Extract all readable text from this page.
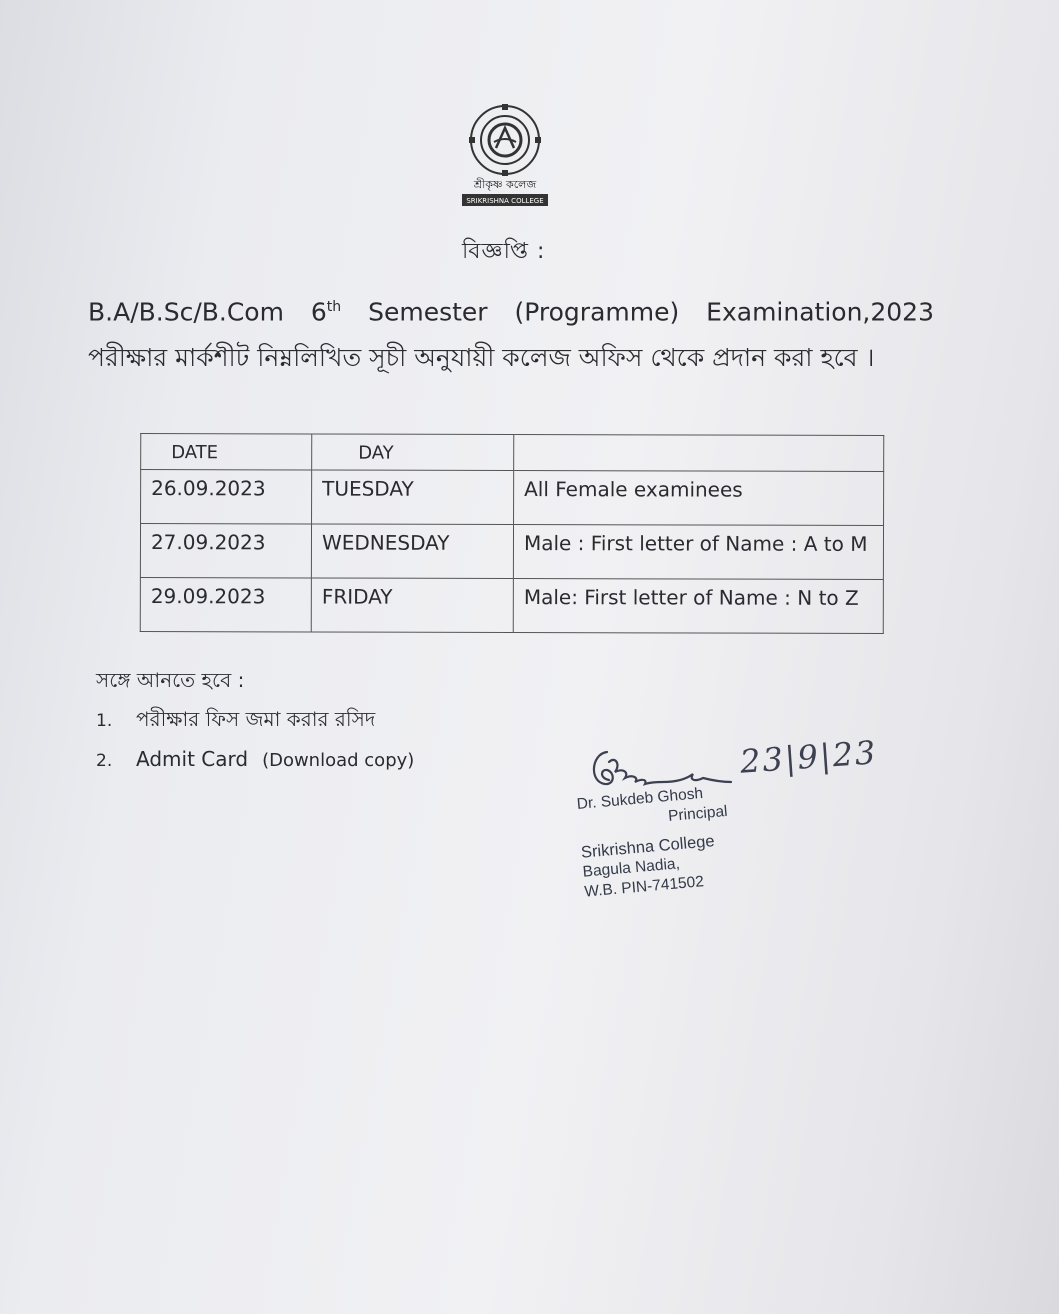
শ্রীকৃষ্ণ কলেজ
SRIKRISHNA COLLEGE
বিজ্ঞপ্তি :
B.A/B.Sc/B.Com 6th Semester (Programme) Examination,2023 পরীক্ষার মার্কশীট নিম্নলিখিত সূচী অনুযায়ী কলেজ অফিস থেকে প্রদান করা হবে ।
DATE	DAY	
26.09.2023	TUESDAY	All Female examinees
27.09.2023	WEDNESDAY	Male : First letter of Name : A to M
29.09.2023	FRIDAY	Male: First letter of Name : N to Z
সঙ্গে আনতে হবে :
1. পরীক্ষার ফিস জমা করার রসিদ
2. Admit Card (Download copy)	23|9|23
Dr. Sukdeb Ghosh
Principal
Srikrishna College
Bagula Nadia,
W.B. PIN-741502
